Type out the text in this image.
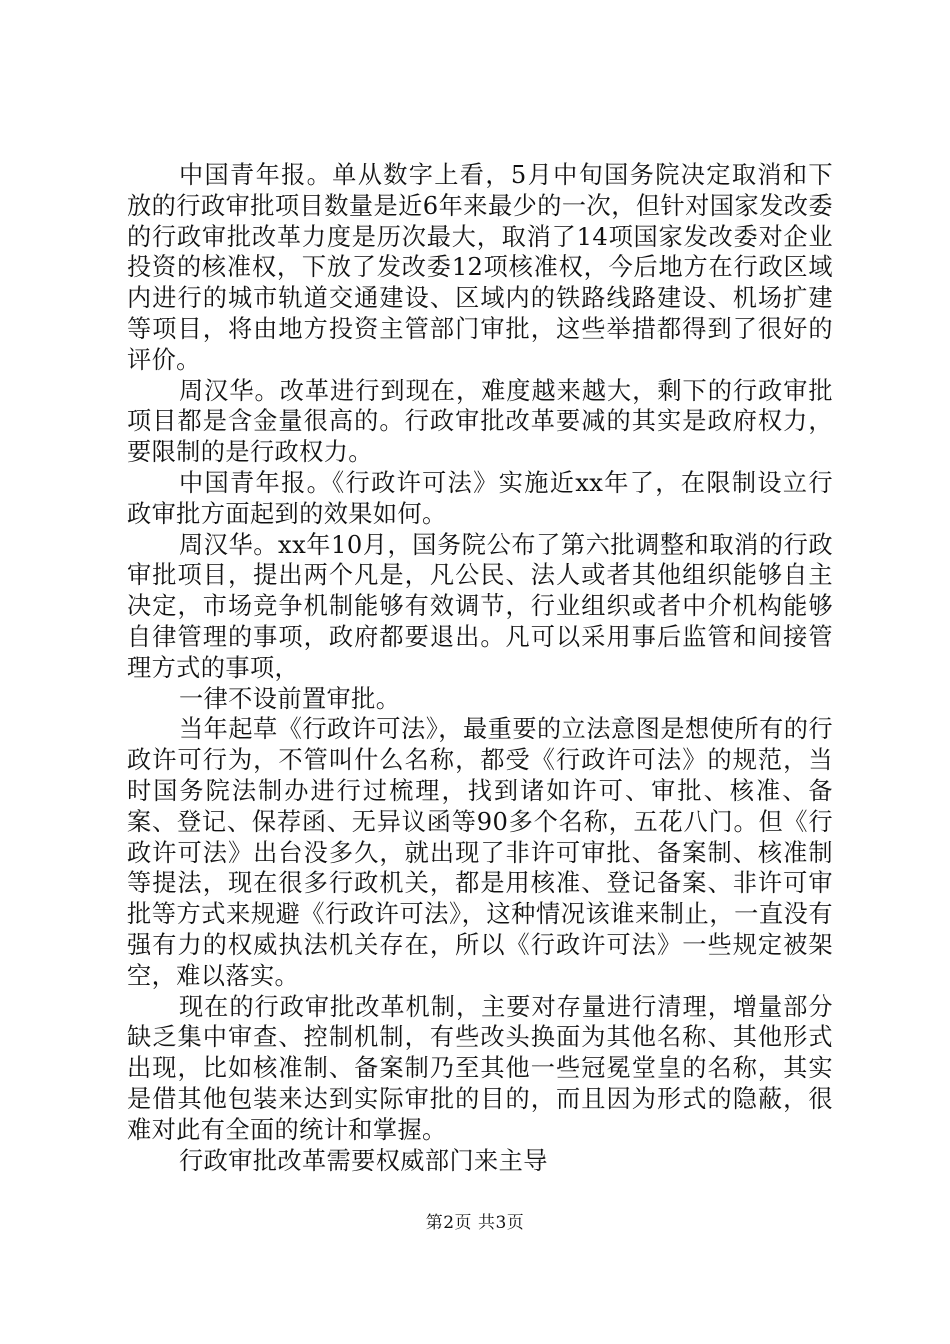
中国青年报。单从数字上看，5月中旬国务院决定取消和下放的行政审批项目数量是近6年来最少的一次，但针对国家发改委的行政审批改革力度是历次最大，取消了14项国家发改委对企业投资的核准权，下放了发改委12项核准权，今后地方在行政区域内进行的城市轨道交通建设、区域内的铁路线路建设、机场扩建等项目，将由地方投资主管部门审批，这些举措都得到了很好的评价。

周汉华。改革进行到现在，难度越来越大，剩下的行政审批项目都是含金量很高的。行政审批改革要减的其实是政府权力，要限制的是行政权力。

中国青年报。《行政许可法》实施近xx年了，在限制设立行政审批方面起到的效果如何。

周汉华。xx年10月，国务院公布了第六批调整和取消的行政审批项目，提出两个凡是，凡公民、法人或者其他组织能够自主决定，市场竞争机制能够有效调节，行业组织或者中介机构能够自律管理的事项，政府都要退出。凡可以采用事后监管和间接管理方式的事项，

一律不设前置审批。

当年起草《行政许可法》，最重要的立法意图是想使所有的行政许可行为，不管叫什么名称，都受《行政许可法》的规范，当时国务院法制办进行过梳理，找到诸如许可、审批、核准、备案、登记、保荐函、无异议函等90多个名称，五花八门。但《行政许可法》出台没多久，就出现了非许可审批、备案制、核准制等提法，现在很多行政机关，都是用核准、登记备案、非许可审批等方式来规避《行政许可法》，这种情况该谁来制止，一直没有强有力的权威执法机关存在，所以《行政许可法》一些规定被架空，难以落实。

现在的行政审批改革机制，主要对存量进行清理，增量部分缺乏集中审查、控制机制，有些改头换面为其他名称、其他形式出现，比如核准制、备案制乃至其他一些冠冕堂皇的名称，其实是借其他包装来达到实际审批的目的，而且因为形式的隐蔽，很难对此有全面的统计和掌握。

行政审批改革需要权威部门来主导

第2页 共3页
